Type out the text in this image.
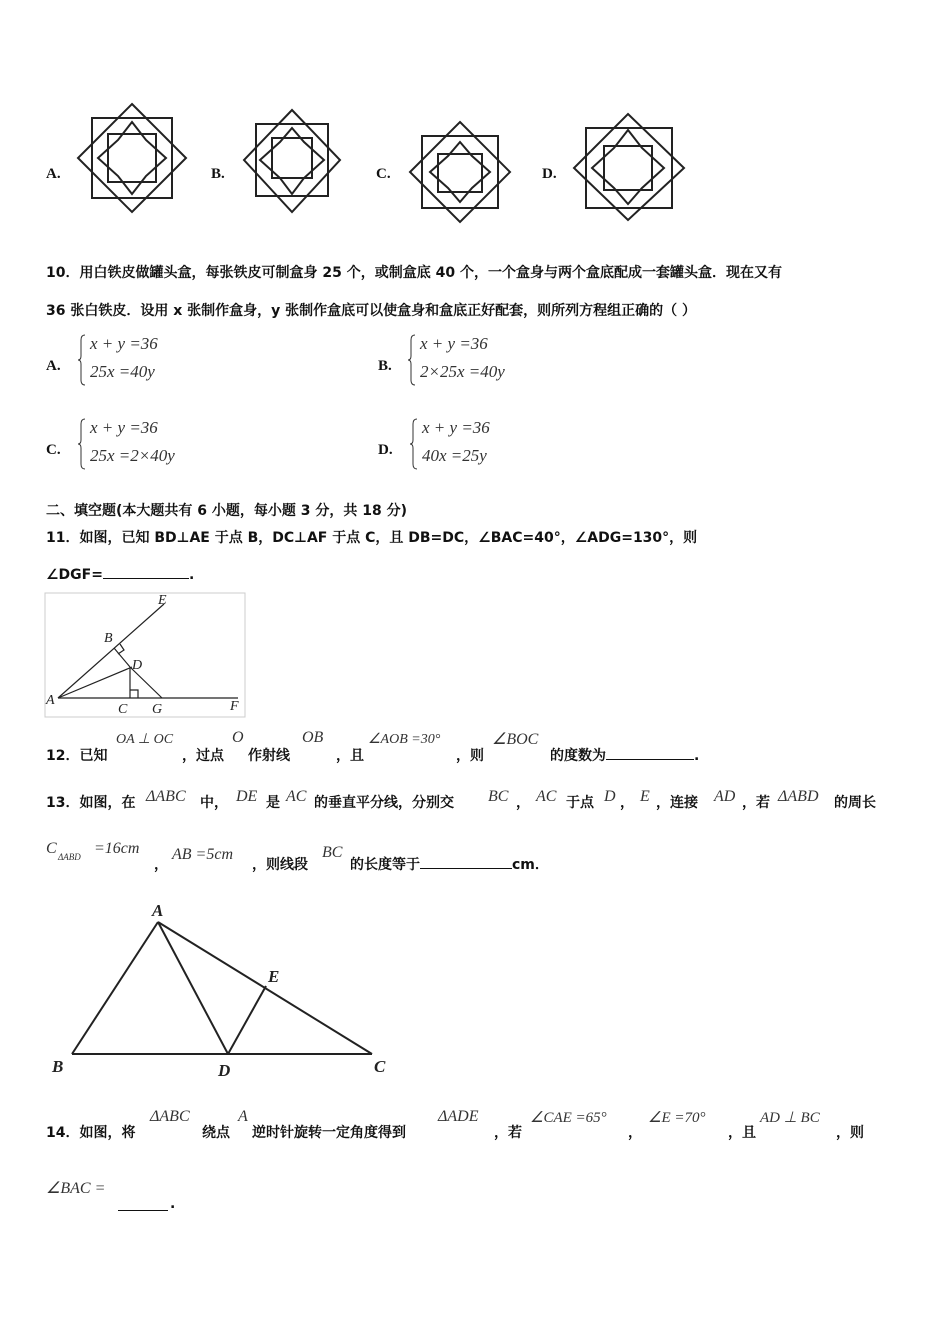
A.	B.	C.	D.
10．用白铁皮做罐头盒，每张铁皮可制盒身 25 个，或制盒底 40 个，一个盒身与两个盒底配成一套罐头盒．现在又有
36 张白铁皮．设用 x 张制作盒身，y 张制作盒底可以使盒身和盒底正好配套，则所列方程组正确的（ ）
A.
x + y =36
25x =40y	B.
x + y =36
2×25x =40y
C.
x + y =36
25x =2×40y	D.
x + y =36
40x =25y
二、填空题(本大题共有 6 小题，每小题 3 分，共 18 分)
11．如图，已知 BD⊥AE 于点 B，DC⊥AF 于点 C，且 DB=DC，∠BAC=40°，∠ADG=130°，则
∠DGF=	.
E
B
D
A
C G	F
12．已知
OA ⊥ OC
，过点
O
作射线
OB
，且
∠AOB =30°
，则
∠BOC
的度数为	.
13．如图，在 ΔABC 中， DE 是 AC 的垂直平分线，分别交 BC ， AC 于点 D ， E ，连接 AD ，若 ΔABD 的周长
C ΔABD =16cm
，
AB =5cm
，则线段
BC
的长度等于	cm．
A
B	C
D
E
14．如图，将
ΔABC
绕点
A
逆时针旋转一定角度得到
ΔADE
，若
∠CAE =65°
，
∠E =70°
，且
AD ⊥ BC
，则
∠BAC =
.
